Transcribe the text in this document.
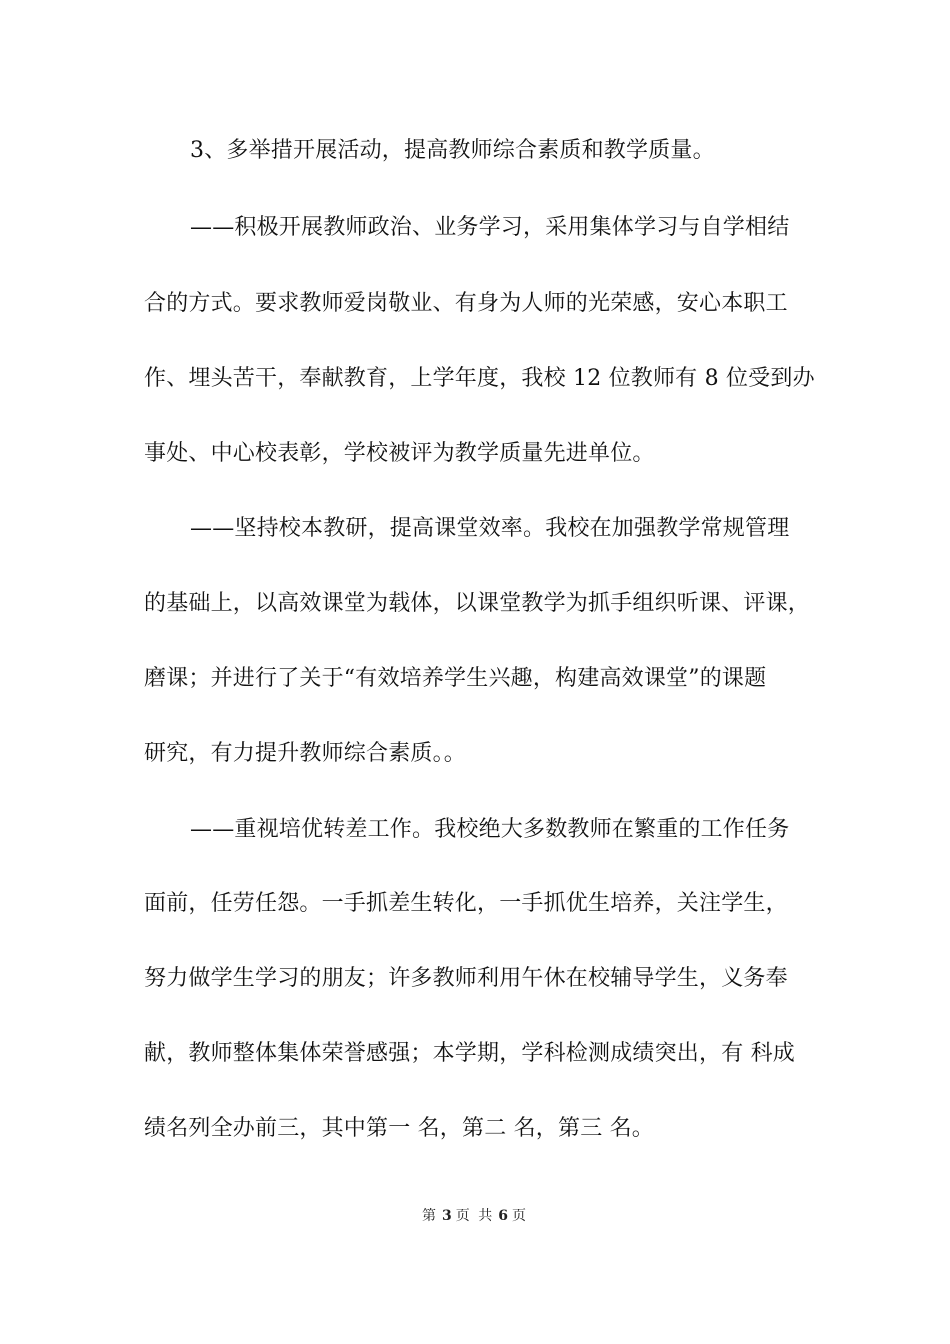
3、多举措开展活动，提高教师综合素质和教学质量。
——积极开展教师政治、业务学习，采用集体学习与自学相结
合的方式。要求教师爱岗敬业、有身为人师的光荣感，安心本职工
作、埋头苦干，奉献教育，上学年度，我校 12 位教师有 8 位受到办
事处、中心校表彰，学校被评为教学质量先进单位。
——坚持校本教研，提高课堂效率。我校在加强教学常规管理
的基础上，以高效课堂为载体，以课堂教学为抓手组织听课、评课，
磨课；并进行了关于“有效培养学生兴趣，构建高效课堂”的课题
研究，有力提升教师综合素质。。
——重视培优转差工作。我校绝大多数教师在繁重的工作任务
面前，任劳任怨。一手抓差生转化，一手抓优生培养，关注学生，
努力做学生学习的朋友；许多教师利用午休在校辅导学生，义务奉
献，教师整体集体荣誉感强；本学期，学科检测成绩突出，有 科成
绩名列全办前三，其中第一 名，第二 名，第三 名。
第 3 页 共 6 页
